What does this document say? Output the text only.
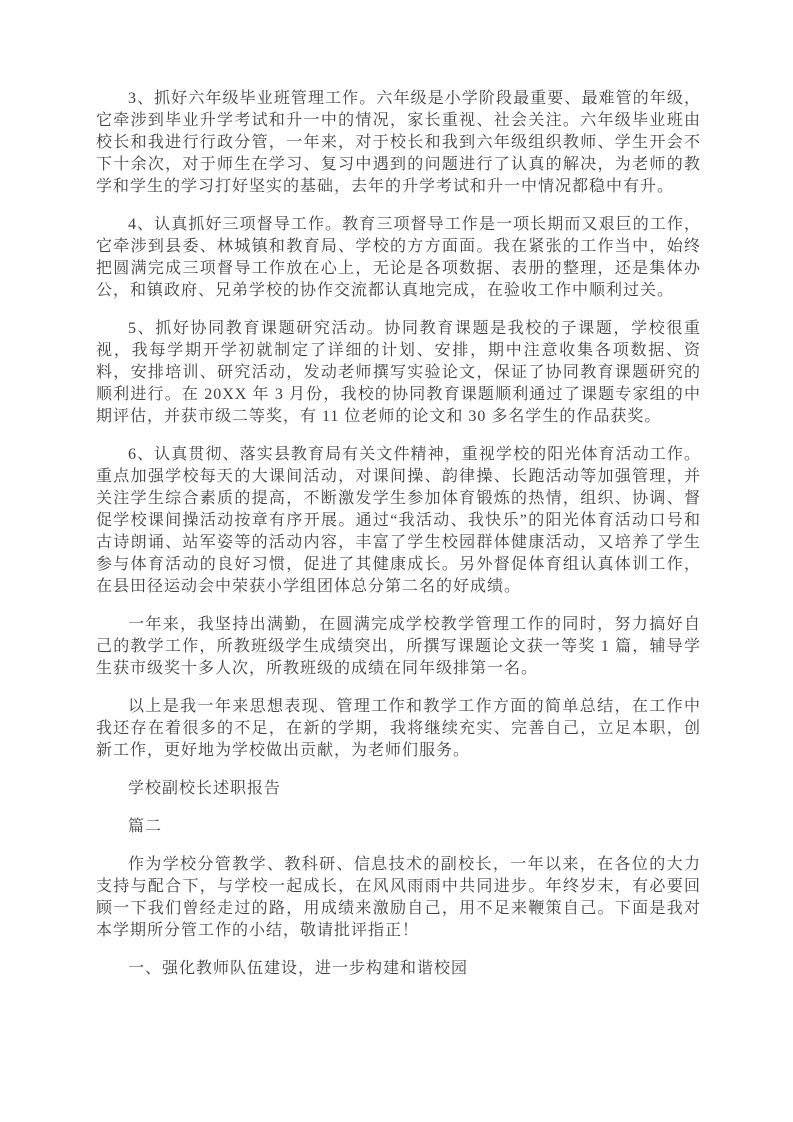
3、抓好六年级毕业班管理工作。六年级是小学阶段最重要、最难管的年级，它牵涉到毕业升学考试和升一中的情况，家长重视、社会关注。六年级毕业班由校长和我进行行政分管，一年来，对于校长和我到六年级组织教师、学生开会不下十余次，对于师生在学习、复习中遇到的问题进行了认真的解决，为老师的教学和学生的学习打好坚实的基础，去年的升学考试和升一中情况都稳中有升。

4、认真抓好三项督导工作。教育三项督导工作是一项长期而又艰巨的工作，它牵涉到县委、林城镇和教育局、学校的方方面面。我在紧张的工作当中，始终把圆满完成三项督导工作放在心上，无论是各项数据、表册的整理，还是集体办公，和镇政府、兄弟学校的协作交流都认真地完成，在验收工作中顺利过关。

5、抓好协同教育课题研究活动。协同教育课题是我校的子课题，学校很重视，我每学期开学初就制定了详细的计划、安排，期中注意收集各项数据、资料，安排培训、研究活动，发动老师撰写实验论文，保证了协同教育课题研究的顺利进行。在 20XX 年 3 月份，我校的协同教育课题顺利通过了课题专家组的中期评估，并获市级二等奖，有 11 位老师的论文和 30 多名学生的作品获奖。

6、认真贯彻、落实县教育局有关文件精神，重视学校的阳光体育活动工作。重点加强学校每天的大课间活动，对课间操、韵律操、长跑活动等加强管理，并关注学生综合素质的提高，不断激发学生参加体育锻炼的热情，组织、协调、督促学校课间操活动按章有序开展。通过“我活动、我快乐”的阳光体育活动口号和古诗朗诵、站军姿等的活动内容，丰富了学生校园群体健康活动，又培养了学生参与体育活动的良好习惯，促进了其健康成长。另外督促体育组认真体训工作，在县田径运动会中荣获小学组团体总分第二名的好成绩。

一年来，我坚持出满勤，在圆满完成学校教学管理工作的同时，努力搞好自己的教学工作，所教班级学生成绩突出，所撰写课题论文获一等奖 1 篇，辅导学生获市级奖十多人次，所教班级的成绩在同年级排第一名。

以上是我一年来思想表现、管理工作和教学工作方面的简单总结，在工作中我还存在着很多的不足，在新的学期，我将继续充实、完善自己，立足本职，创新工作，更好地为学校做出贡献，为老师们服务。

学校副校长述职报告

篇二

作为学校分管教学、教科研、信息技术的副校长，一年以来，在各位的大力支持与配合下，与学校一起成长，在风风雨雨中共同进步。年终岁末，有必要回顾一下我们曾经走过的路，用成绩来激励自己，用不足来鞭策自己。下面是我对本学期所分管工作的小结，敬请批评指正！

一、强化教师队伍建设，进一步构建和谐校园
